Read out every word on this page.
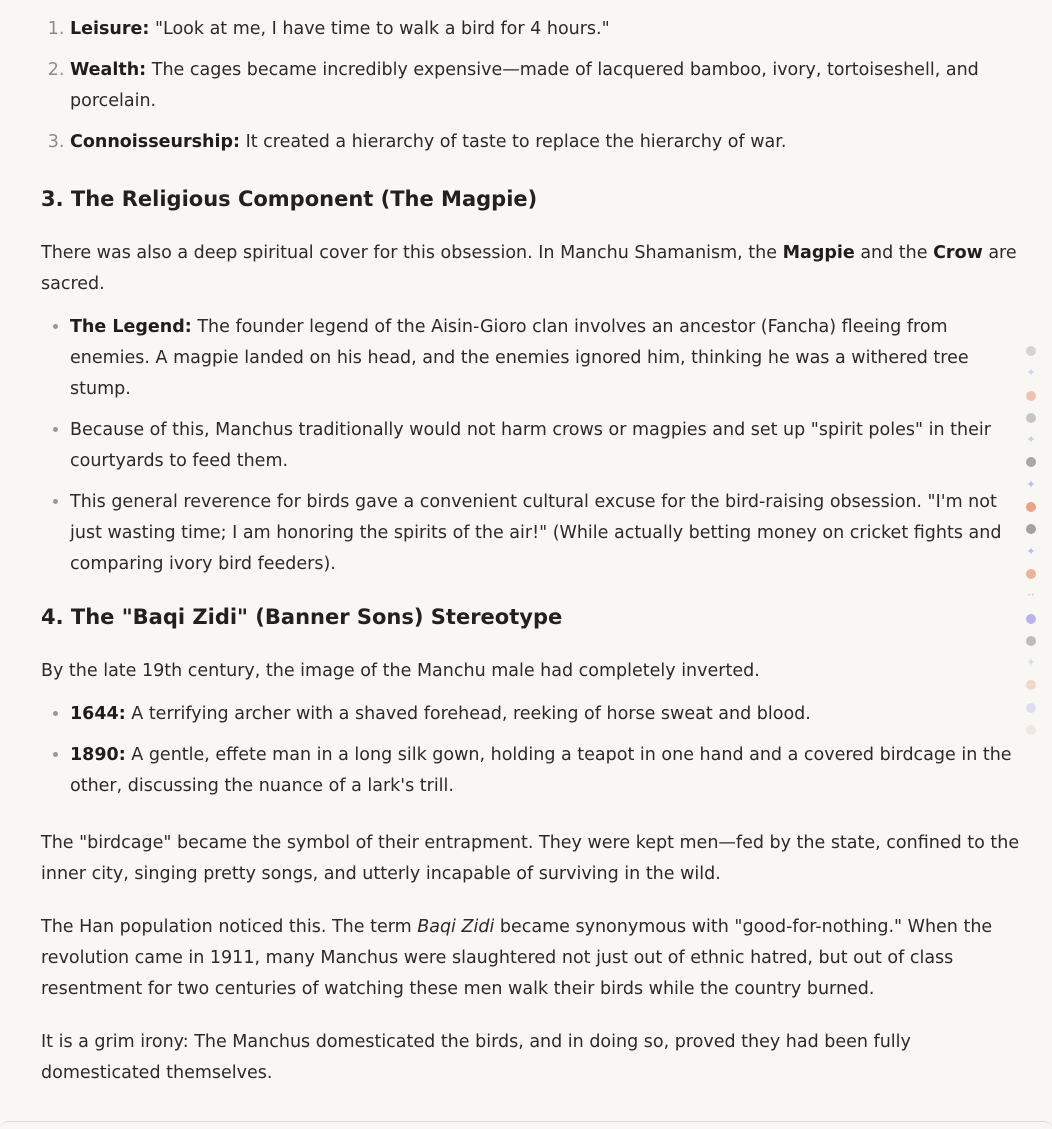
1. Leisure: "Look at me, I have time to walk a bird for 4 hours."
2. Wealth: The cages became incredibly expensive—made of lacquered bamboo, ivory, tortoiseshell, and porcelain.
3. Connoisseurship: It created a hierarchy of taste to replace the hierarchy of war.
3. The Religious Component (The Magpie)

There was also a deep spiritual cover for this obsession. In Manchu Shamanism, the Magpie and the Crow are sacred.

• The Legend: The founder legend of the Aisin-Gioro clan involves an ancestor (Fancha) fleeing from enemies. A magpie landed on his head, and the enemies ignored him, thinking he was a withered tree stump.
• Because of this, Manchus traditionally would not harm crows or magpies and set up "spirit poles" in their courtyards to feed them.
• This general reverence for birds gave a convenient cultural excuse for the bird-raising obsession. "I'm not just wasting time; I am honoring the spirits of the air!" (While actually betting money on cricket fights and comparing ivory bird feeders).
4. The "Baqi Zidi" (Banner Sons) Stereotype

By the late 19th century, the image of the Manchu male had completely inverted.

• 1644: A terrifying archer with a shaved forehead, reeking of horse sweat and blood.
• 1890: A gentle, effete man in a long silk gown, holding a teapot in one hand and a covered birdcage in the other, discussing the nuance of a lark's trill.

The "birdcage" became the symbol of their entrapment. They were kept men—fed by the state, confined to the inner city, singing pretty songs, and utterly incapable of surviving in the wild.

The Han population noticed this. The term Baqi Zidi became synonymous with "good-for-nothing." When the revolution came in 1911, many Manchus were slaughtered not just out of ethnic hatred, but out of class resentment for two centuries of watching these men walk their birds while the country burned.

It is a grim irony: The Manchus domesticated the birds, and in doing so, proved they had been fully domesticated themselves.

✦
✦
✦
✦
••
✦
